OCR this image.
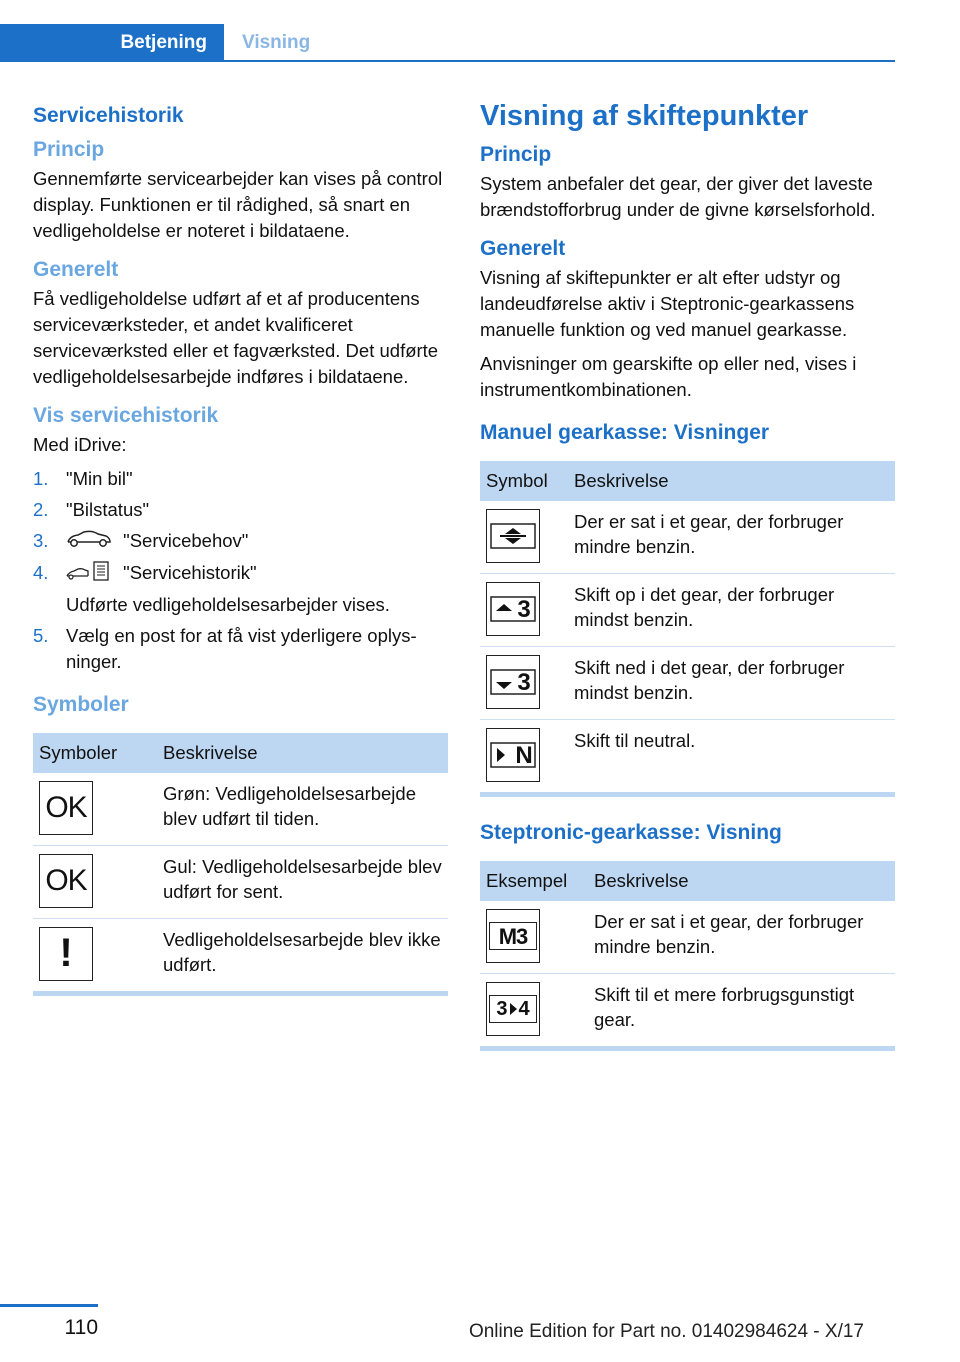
Betjening	Visning
Servicehistorik
Princip

Gennemførte servicearbejder kan vises på control display. Funktionen er til rådighed, så snart en vedligeholdelse er noteret i bildataene.

Generelt

Få vedligeholdelse udført af et af producentens serviceværksteder, et andet kvalificeret serviceværksted eller et fagværksted. Det udførte vedligeholdelsesarbejde indføres i bildataene.

Vis servicehistorik

Med iDrive:

1. "Min bil"
2. "Bilstatus"
3.	"Servicebehov"
4.	"Servicehistorik"
Udførte vedligeholdelsesarbejder vises.
5. Vælg en post for at få vist yderligere oplysninger.
Symboler
Symboler	Beskrivelse

OK	Grøn: Vedligeholdelsesarbejde blev udført til tiden.

OK	Gul: Vedligeholdelsesarbejde blev udført for sent.

!	Vedligeholdelsesarbejde blev ikke udført.

Visning af skiftepunkter
Princip

System anbefaler det gear, der giver det laveste brændstofforbrug under de givne kørselsforhold.

Generelt

Visning af skiftepunkter er alt efter udstyr og landeudførelse aktiv i Steptronic-gearkassens manuelle funktion og ved manuel gearkasse.

Anvisninger om gearskifte op eller ned, vises i instrumentkombinationen.

Manuel gearkasse: Visninger
Symbol	Beskrivelse

	Der er sat i et gear, der forbruger mindre benzin.

3	Skift op i det gear, der forbruger mindst benzin.

3	Skift ned i det gear, der forbruger mindst benzin.

N	Skift til neutral.

Steptronic-gearkasse: Visning
Eksempel	Beskrivelse

M3	Der er sat i et gear, der forbruger mindre benzin.

3 4	Skift til et mere forbrugsgunstigt gear.

110	Online Edition for Part no. 01402984624 - X/17
